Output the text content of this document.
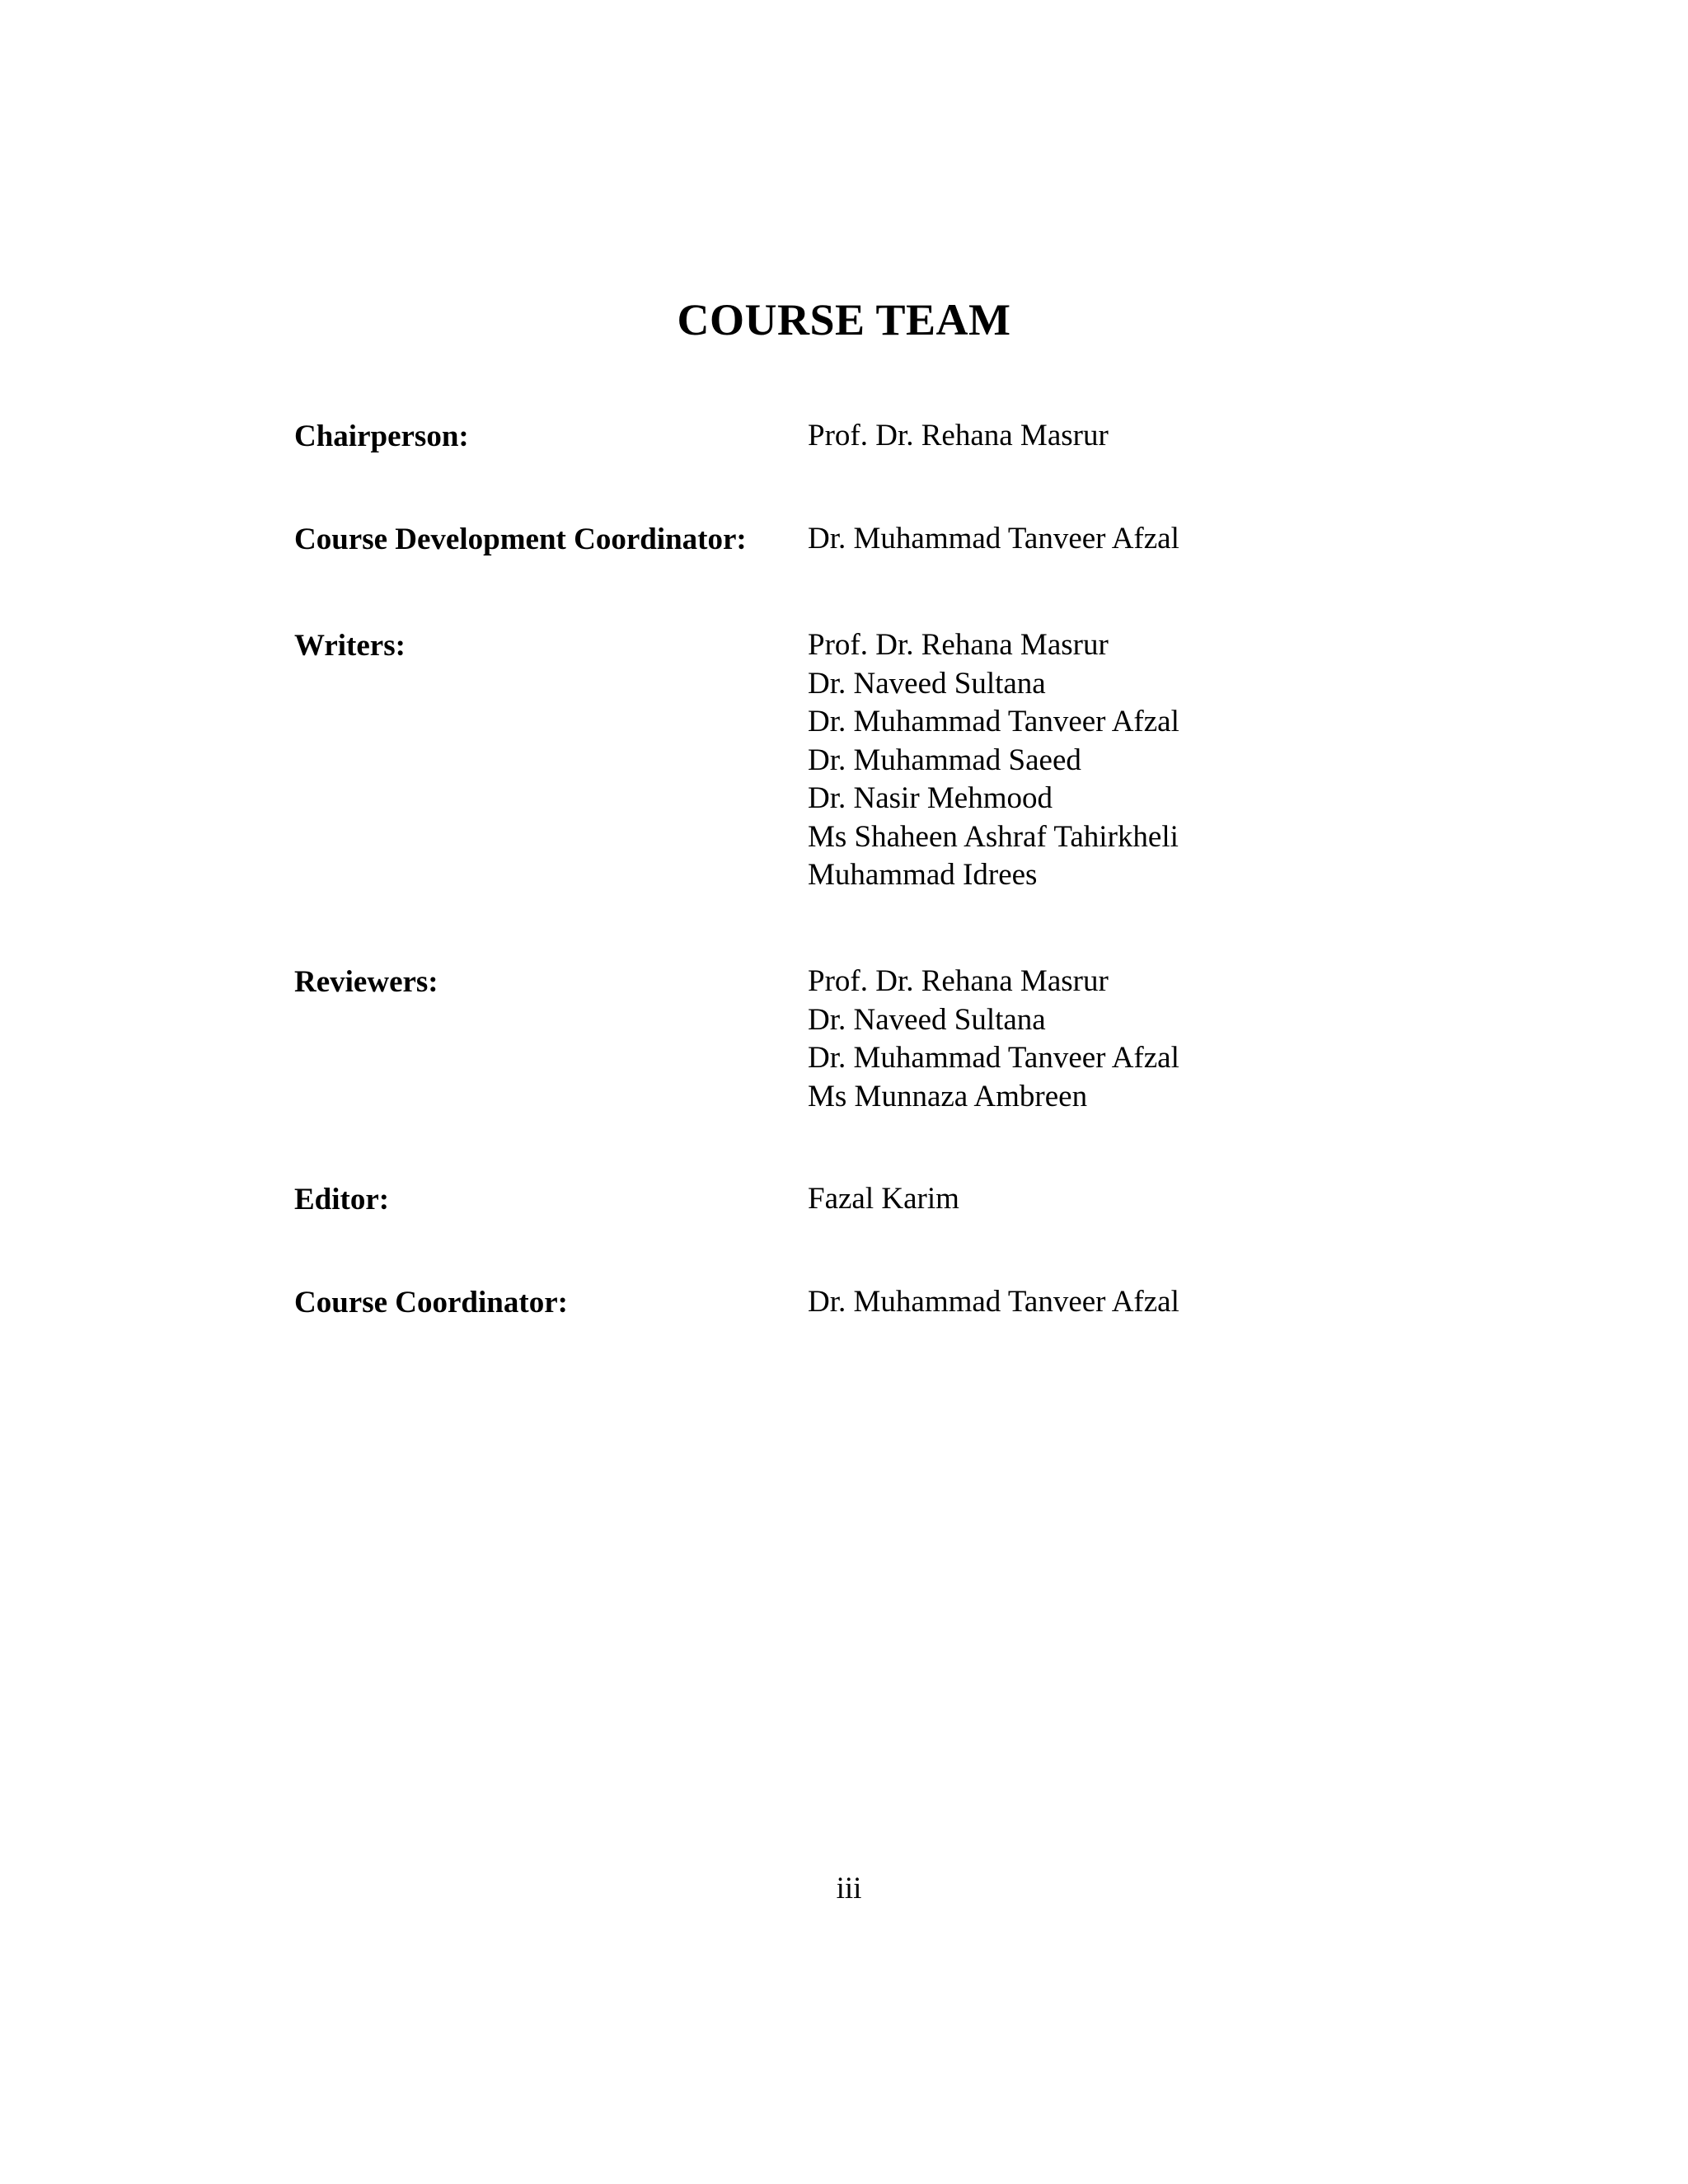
COURSE TEAM
Chairperson:	Prof. Dr. Rehana Masrur
Course Development Coordinator: Dr. Muhammad Tanveer Afzal
Writers:	Prof. Dr. Rehana Masrur
Dr. Naveed Sultana
Dr. Muhammad Tanveer Afzal
Dr. Muhammad Saeed
Dr. Nasir Mehmood
Ms Shaheen Ashraf Tahirkheli
Muhammad Idrees
Reviewers:	Prof. Dr. Rehana Masrur
Dr. Naveed Sultana
Dr. Muhammad Tanveer Afzal
Ms Munnaza Ambreen
Editor:	Fazal Karim
Course Coordinator:	Dr. Muhammad Tanveer Afzal
iii
